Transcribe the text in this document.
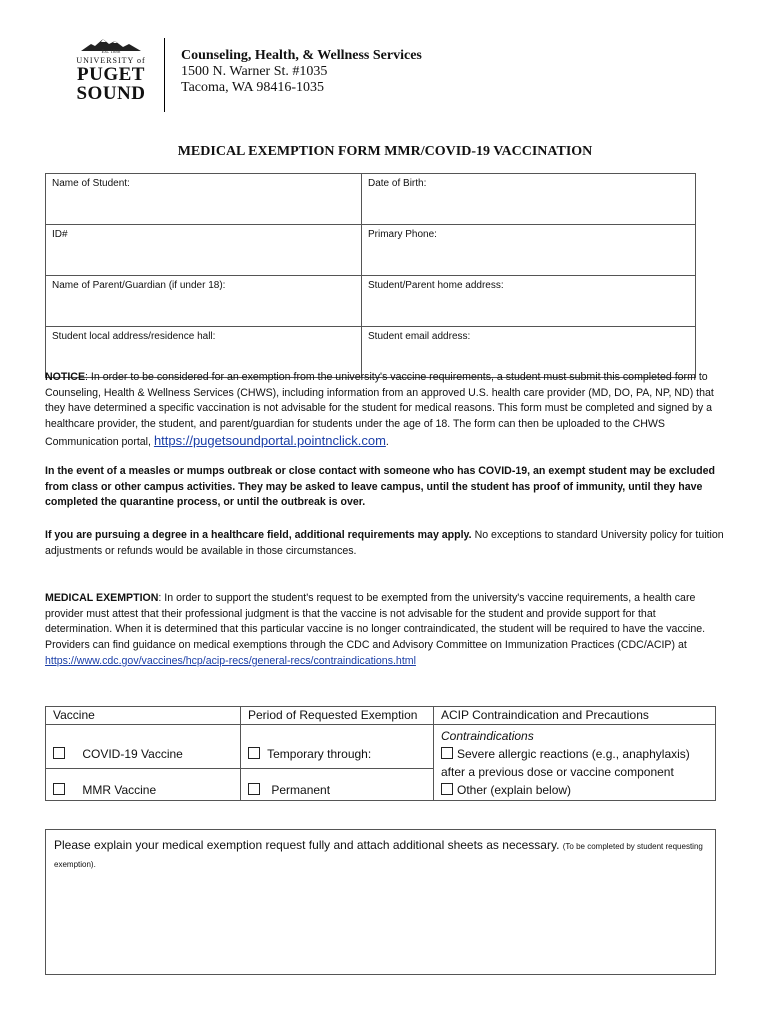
Est. 1888
UNIVERSITY of
PUGET
SOUND
Counseling, Health, & Wellness Services
1500 N. Warner St. #1035
Tacoma, WA 98416-1035
MEDICAL EXEMPTION FORM MMR/COVID-19 VACCINATION
Name of Student:	Date of Birth:
ID#	Primary Phone:
Name of Parent/Guardian (if under 18):	Student/Parent home address:
Student local address/residence hall:	Student email address:
NOTICE: In order to be considered for an exemption from the university's vaccine requirements, a student must submit this completed form to Counseling, Health & Wellness Services (CHWS), including information from an approved U.S. health care provider (MD, DO, PA, NP, ND) that they have determined a specific vaccination is not advisable for the student for medical reasons. This form must be completed and signed by a healthcare provider, the student, and parent/guardian for students under the age of 18. The form can then be uploaded to the CHWS Communication portal, https://pugetsoundportal.pointnclick.com.
In the event of a measles or mumps outbreak or close contact with someone who has COVID-19, an exempt student may be excluded from class or other campus activities. They may be asked to leave campus, until the student has proof of immunity, until they have completed the quarantine process, or until the outbreak is over.
If you are pursuing a degree in a healthcare field, additional requirements may apply. No exceptions to standard University policy for tuition adjustments or refunds would be available in those circumstances.
MEDICAL EXEMPTION: In order to support the student's request to be exempted from the university's vaccine requirements, a health care provider must attest that their professional judgment is that the vaccine is not advisable for the student and provide support for that determination. When it is determined that this particular vaccine is no longer contraindicated, the student will be required to have the vaccine. Providers can find guidance on medical exemptions through the CDC and Advisory Committee on Immunization Practices (CDC/ACIP) at https://www.cdc.gov/vaccines/hcp/acip-recs/general-recs/contraindications.html
Vaccine	Period of Requested Exemption	ACIP Contraindication and Precautions
COVID-19 Vaccine	Temporary through:	Contraindications
Severe allergic reactions (e.g., anaphylaxis) after a previous dose or vaccine component
Other (explain below)
MMR Vaccine	Permanent	
Please explain your medical exemption request fully and attach additional sheets as necessary. (To be completed by student requesting exemption).
